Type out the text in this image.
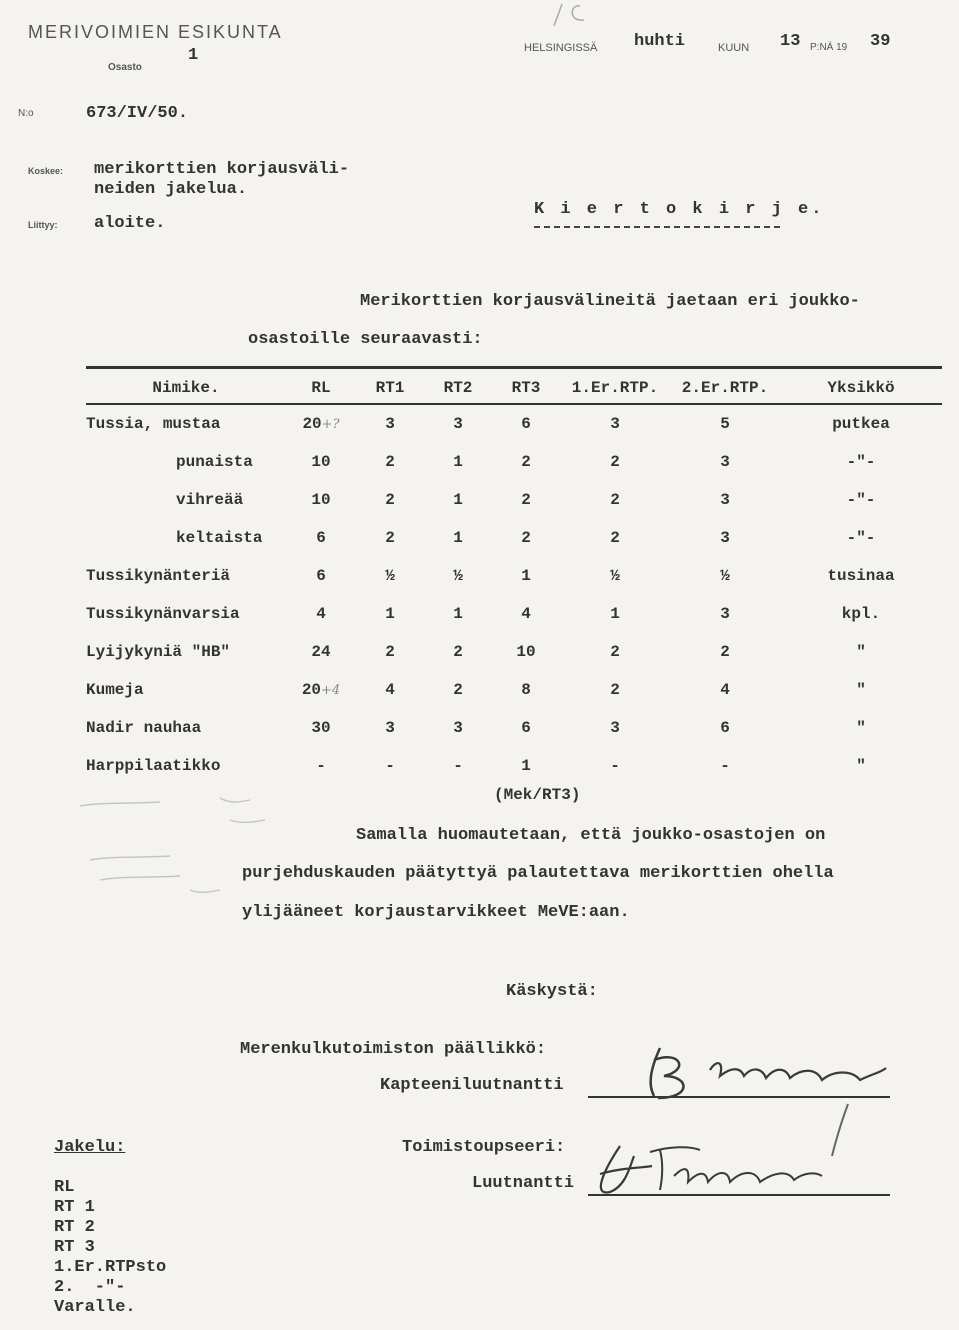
MERIVOIMIEN ESIKUNTA
Osasto
1
N:o	673/IV/50.
HELSINGISSÄ huhti	KUUN 13 P:NÄ 19 39
Koskee: merikorttien korjausväli-
neiden jakelua.
Liittyy: aloite.
K i e r t o k i r j e.
Merikorttien korjausvälineitä jaetaan eri joukko-
osastoille seuraavasti:
Nimike.	RL	RT1	RT2	RT3	1.Er.RTP.	2.Er.RTP.	Yksikkö
Tussia, mustaa	20+?	3	3	6	3	5	putkea
punaista	10	2	1	2	2	3	-"-
vihreää	10	2	1	2	2	3	-"-
keltaista	6	2	1	2	2	3	-"-
Tussikynänteriä	6	½	½	1	½	½	tusinaa
Tussikynänvarsia	4	1	1	4	1	3	kpl.
Lyijykyniä "HB"	24	2	2	10	2	2	"
Kumeja	20+4	4	2	8	2	4	"
Nadir nauhaa	30	3	3	6	3	6	"
Harppilaatikko	-	-	-	1	-	-	"
(Mek/RT3)
Samalla huomautetaan, että joukko-osastojen on
purjehduskauden päätyttyä palautettava merikorttien ohella
ylijääneet korjaustarvikkeet MeVE:aan.
Käskystä:
Merenkulkutoimiston päällikkö:
Kapteeniluutnantti
Toimistoupseeri:
Luutnantti
Jakelu:
RL
RT 1
RT 2
RT 3
1.Er.RTPsto
2.  -"-
Varalle.
